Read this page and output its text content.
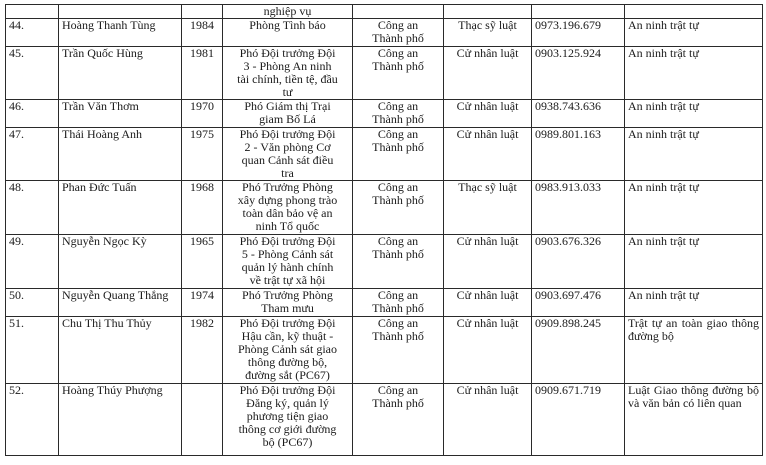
			nghiệp vụ				
44.	Hoàng Thanh Tùng	1984	Phòng Tình báo	Công an
Thành phố	Thạc sỹ luật	0973.196.679	An ninh trật tự
45.	Trần Quốc Hùng	1981	Phó Đội trưởng Đội
3 - Phòng An ninh
tài chính, tiền tệ, đầu
tư	Công an
Thành phố	Cử nhân luật	0903.125.924	An ninh trật tự
46.	Trần Văn Thơm	1970	Phó Giám thị Trại
giam Bố Lá	Công an
Thành phố	Cử nhân luật	0938.743.636	An ninh trật tự
47.	Thái Hoàng Anh	1975	Phó Đội trưởng Đội
2 - Văn phòng Cơ
quan Cảnh sát điều
tra	Công an
Thành phố	Cử nhân luật	0989.801.163	An ninh trật tự
48.	Phan Đức Tuấn	1968	Phó Trưởng Phòng
xây dựng phong trào
toàn dân bảo vệ an
ninh Tổ quốc	Công an
Thành phố	Thạc sỹ luật	0983.913.033	An ninh trật tự
49.	Nguyễn Ngọc Kỳ	1965	Phó Đội trưởng Đội
5 - Phòng Cảnh sát
quản lý hành chính
về trật tự xã hội	Công an
Thành phố	Cử nhân luật	0903.676.326	An ninh trật tự
50.	Nguyễn Quang Thắng	1974	Phó Trưởng Phòng
Tham mưu	Công an
Thành phố	Cử nhân luật	0903.697.476	An ninh trật tự
51.	Chu Thị Thu Thủy	1982	Phó Đội trưởng Đội
Hậu cần, kỹ thuật -
Phòng Cảnh sát giao
thông đường bộ,
đường sắt (PC67)	Công an
Thành phố	Cử nhân luật	0909.898.245	Trật tự an toàn giao thông đường bộ
52.	Hoàng Thúy Phượng		Phó Đội trưởng Đội
Đăng ký, quản lý
phương tiện giao
thông cơ giới đường
bộ (PC67)	Công an
Thành phố	Cử nhân luật	0909.671.719	Luật Giao thông đường bộ và văn bản có liên quan
